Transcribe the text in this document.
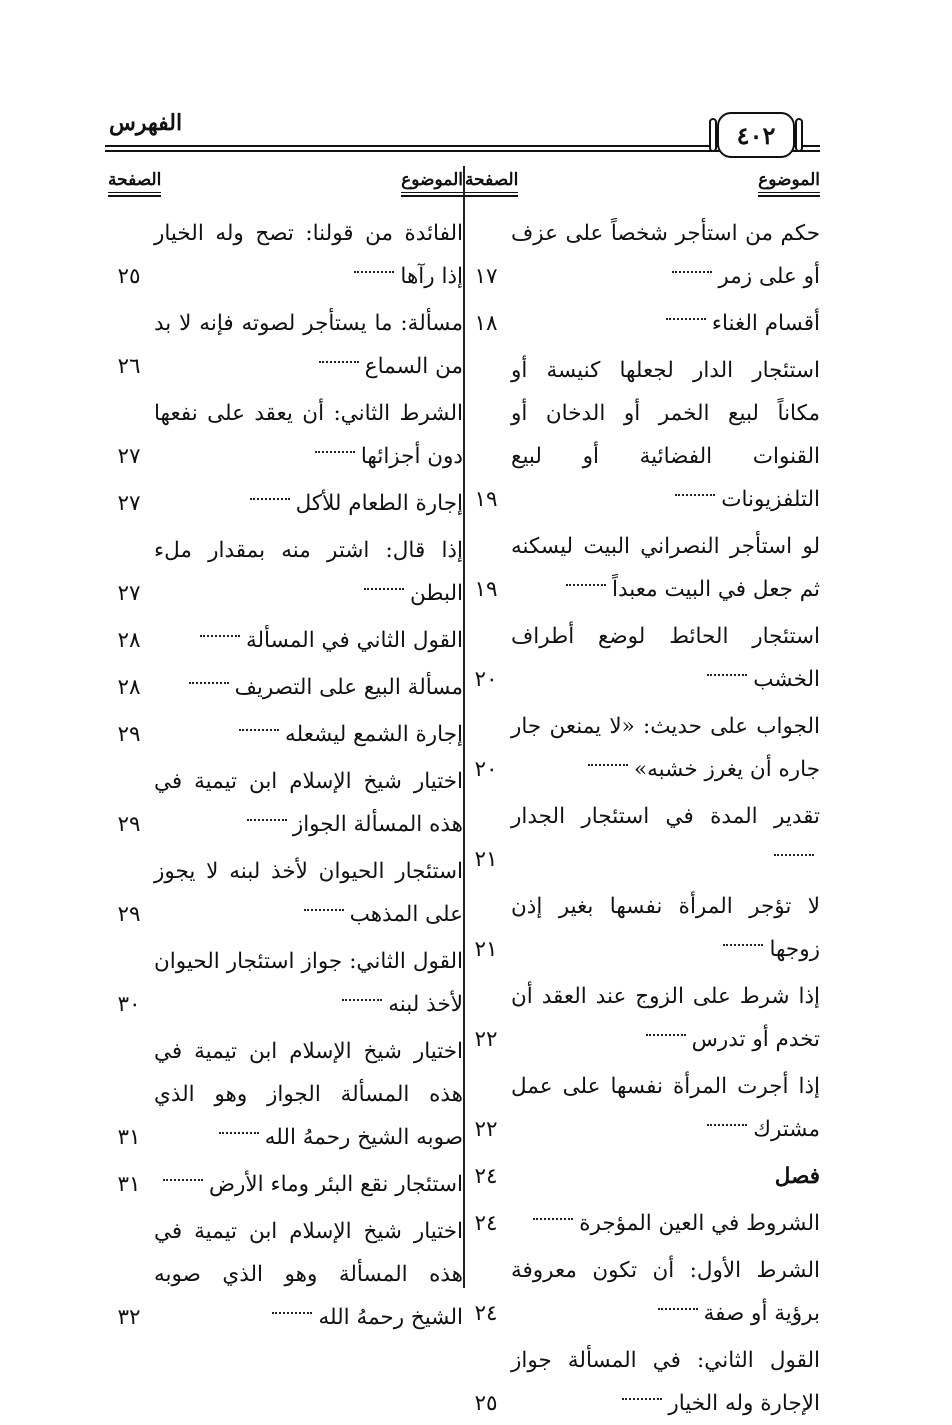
الفهرس	٤٠٢
الموضوع
الصفحة
حكم من استأجر شخصاً على عزف أو على زمر
١٧
أقسام الغناء
١٨
استئجار الدار لجعلها كنيسة أو مكاناً لبيع الخمر أو الدخان أو القنوات الفضائية أو لبيع التلفزيونات
١٩
لو استأجر النصراني البيت ليسكنه ثم جعل في البيت معبداً
١٩
استئجار الحائط لوضع أطراف الخشب
٢٠
الجواب على حديث: «لا يمنعن جار جاره أن يغرز خشبه»
٢٠
تقدير المدة في استئجار الجدار
٢١
لا تؤجر المرأة نفسها بغير إذن زوجها
٢١
إذا شرط على الزوج عند العقد أن تخدم أو تدرس
٢٢
إذا أجرت المرأة نفسها على عمل مشترك
٢٢
فصل
٢٤
الشروط في العين المؤجرة
٢٤
الشرط الأول: أن تكون معروفة برؤية أو صفة
٢٤
القول الثاني: في المسألة جواز الإجارة وله الخيار
٢٥
الموضوع
الصفحة
الفائدة من قولنا: تصح وله الخيار إذا رآها
٢٥
مسألة: ما يستأجر لصوته فإنه لا بد من السماع
٢٦
الشرط الثاني: أن يعقد على نفعها دون أجزائها
٢٧
إجارة الطعام للأكل
٢٧
إذا قال: اشتر منه بمقدار ملء البطن
٢٧
القول الثاني في المسألة
٢٨
مسألة البيع على التصريف
٢٨
إجارة الشمع ليشعله
٢٩
اختيار شيخ الإسلام ابن تيمية في هذه المسألة الجواز
٢٩
استئجار الحيوان لأخذ لبنه لا يجوز على المذهب
٢٩
القول الثاني: جواز استئجار الحيوان لأخذ لبنه
٣٠
اختيار شيخ الإسلام ابن تيمية في هذه المسألة الجواز وهو الذي صوبه الشيخ رحمهُ الله
٣١
استئجار نقع البئر وماء الأرض
٣١
اختيار شيخ الإسلام ابن تيمية في هذه المسألة وهو الذي صوبه الشيخ رحمهُ الله
٣٢
